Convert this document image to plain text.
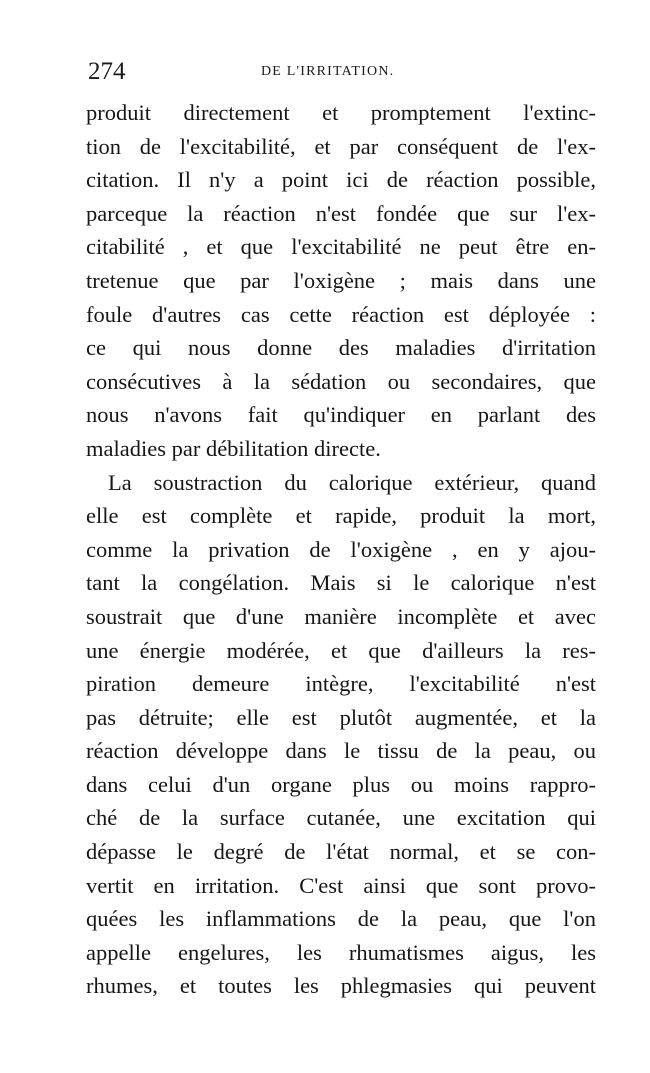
274	DE L'IRRITATION.
produit directement et promptement l'extinc-
tion de l'excitabilité, et par conséquent de l'ex-
citation. Il n'y a point ici de réaction possible,
parceque la réaction n'est fondée que sur l'ex-
citabilité , et que l'excitabilité ne peut être en-
tretenue que par l'oxigène ; mais dans une
foule d'autres cas cette réaction est déployée :
ce qui nous donne des maladies d'irritation
consécutives à la sédation ou secondaires, que
nous n'avons fait qu'indiquer en parlant des
maladies par débilitation directe.
La soustraction du calorique extérieur, quand
elle est complète et rapide, produit la mort,
comme la privation de l'oxigène , en y ajou-
tant la congélation. Mais si le calorique n'est
soustrait que d'une manière incomplète et avec
une énergie modérée, et que d'ailleurs la res-
piration demeure intègre, l'excitabilité n'est
pas détruite; elle est plutôt augmentée, et la
réaction développe dans le tissu de la peau, ou
dans celui d'un organe plus ou moins rappro-
ché de la surface cutanée, une excitation qui
dépasse le degré de l'état normal, et se con-
vertit en irritation. C'est ainsi que sont provo-
quées les inflammations de la peau, que l'on
appelle engelures, les rhumatismes aigus, les
rhumes, et toutes les phlegmasies qui peuvent
